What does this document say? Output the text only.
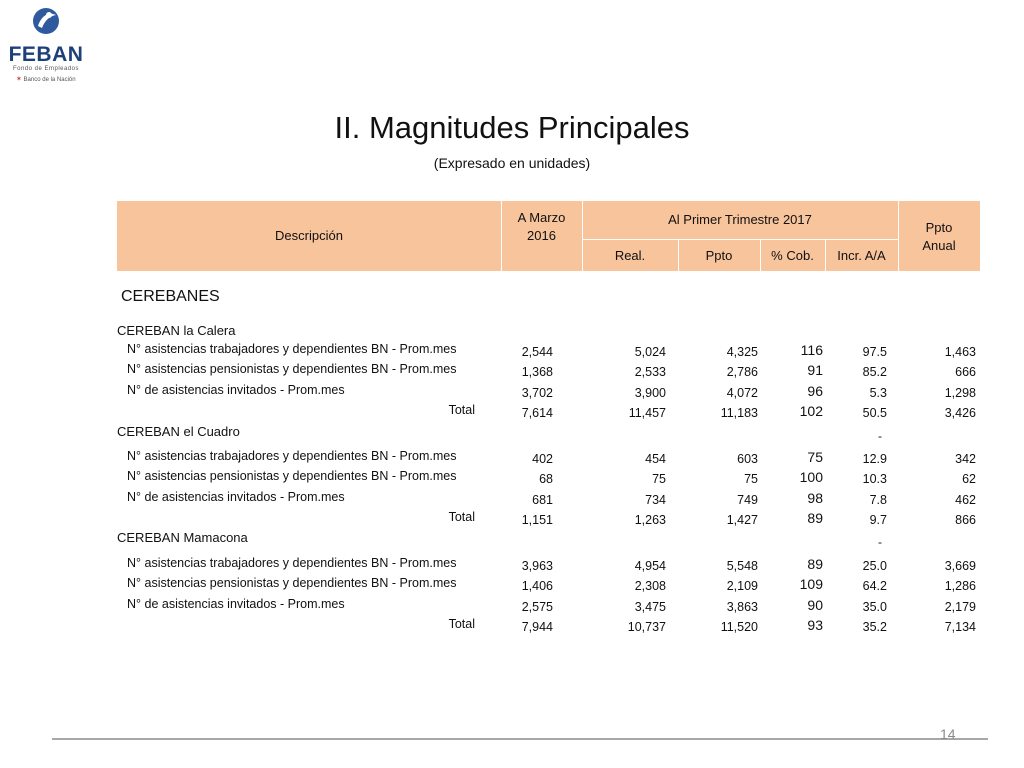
FEBAN
Fondo de Empleados
✶ Banco de la Nación
II. Magnitudes Principales
(Expresado en unidades)
Descripción
A Marzo
2016
Al Primer Trimestre 2017
Real.	Ppto	% Cob.	Incr. A/A
Ppto
Anual
CEREBANES
CEREBAN la Calera
N° asistencias trabajadores y dependientes BN - Prom.mes	2,544	5,024	4,325	116	97.5	1,463
N° asistencias pensionistas y dependientes BN - Prom.mes	1,368	2,533	2,786	91	85.2	666
N° de asistencias invitados - Prom.mes	3,702	3,900	4,072	96	5.3	1,298
Total	7,614	11,457	11,183	102	50.5	3,426
CEREBAN el Cuadro	-
N° asistencias trabajadores y dependientes BN - Prom.mes	402	454	603	75	12.9	342
N° asistencias pensionistas y dependientes BN - Prom.mes	68	75	75	100	10.3	62
N° de asistencias invitados - Prom.mes	681	734	749	98	7.8	462
Total	1,151	1,263	1,427	89	9.7	866
CEREBAN Mamacona	-
N° asistencias trabajadores y dependientes BN - Prom.mes	3,963	4,954	5,548	89	25.0	3,669
N° asistencias pensionistas y dependientes BN - Prom.mes	1,406	2,308	2,109	109	64.2	1,286
N° de asistencias invitados - Prom.mes	2,575	3,475	3,863	90	35.0	2,179
Total	7,944	10,737	11,520	93	35.2	7,134
14
